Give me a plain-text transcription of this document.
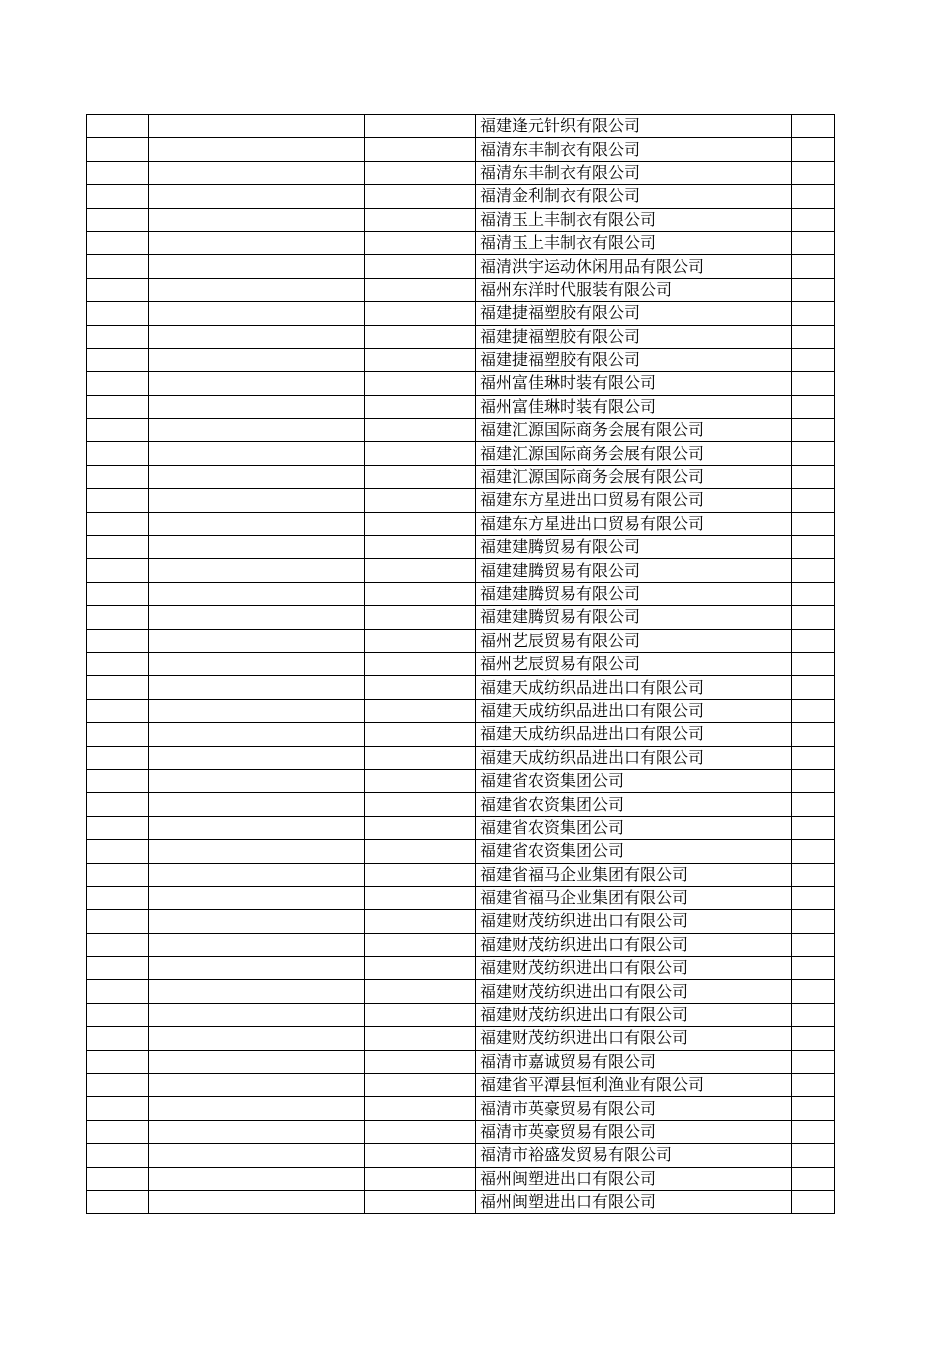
			福建逢元针织有限公司	
			福清东丰制衣有限公司	
			福清东丰制衣有限公司	
			福清金利制衣有限公司	
			福清玉上丰制衣有限公司	
			福清玉上丰制衣有限公司	
			福清洪宇运动休闲用品有限公司	
			福州东洋时代服装有限公司	
			福建捷福塑胶有限公司	
			福建捷福塑胶有限公司	
			福建捷福塑胶有限公司	
			福州富佳琳时装有限公司	
			福州富佳琳时装有限公司	
			福建汇源国际商务会展有限公司	
			福建汇源国际商务会展有限公司	
			福建汇源国际商务会展有限公司	
			福建东方星进出口贸易有限公司	
			福建东方星进出口贸易有限公司	
			福建建腾贸易有限公司	
			福建建腾贸易有限公司	
			福建建腾贸易有限公司	
			福建建腾贸易有限公司	
			福州艺辰贸易有限公司	
			福州艺辰贸易有限公司	
			福建天成纺织品进出口有限公司	
			福建天成纺织品进出口有限公司	
			福建天成纺织品进出口有限公司	
			福建天成纺织品进出口有限公司	
			福建省农资集团公司	
			福建省农资集团公司	
			福建省农资集团公司	
			福建省农资集团公司	
			福建省福马企业集团有限公司	
			福建省福马企业集团有限公司	
			福建财茂纺织进出口有限公司	
			福建财茂纺织进出口有限公司	
			福建财茂纺织进出口有限公司	
			福建财茂纺织进出口有限公司	
			福建财茂纺织进出口有限公司	
			福建财茂纺织进出口有限公司	
			福清市嘉诚贸易有限公司	
			福建省平潭县恒利渔业有限公司	
			福清市英豪贸易有限公司	
			福清市英豪贸易有限公司	
			福清市裕盛发贸易有限公司	
			福州闽塑进出口有限公司	
			福州闽塑进出口有限公司	
